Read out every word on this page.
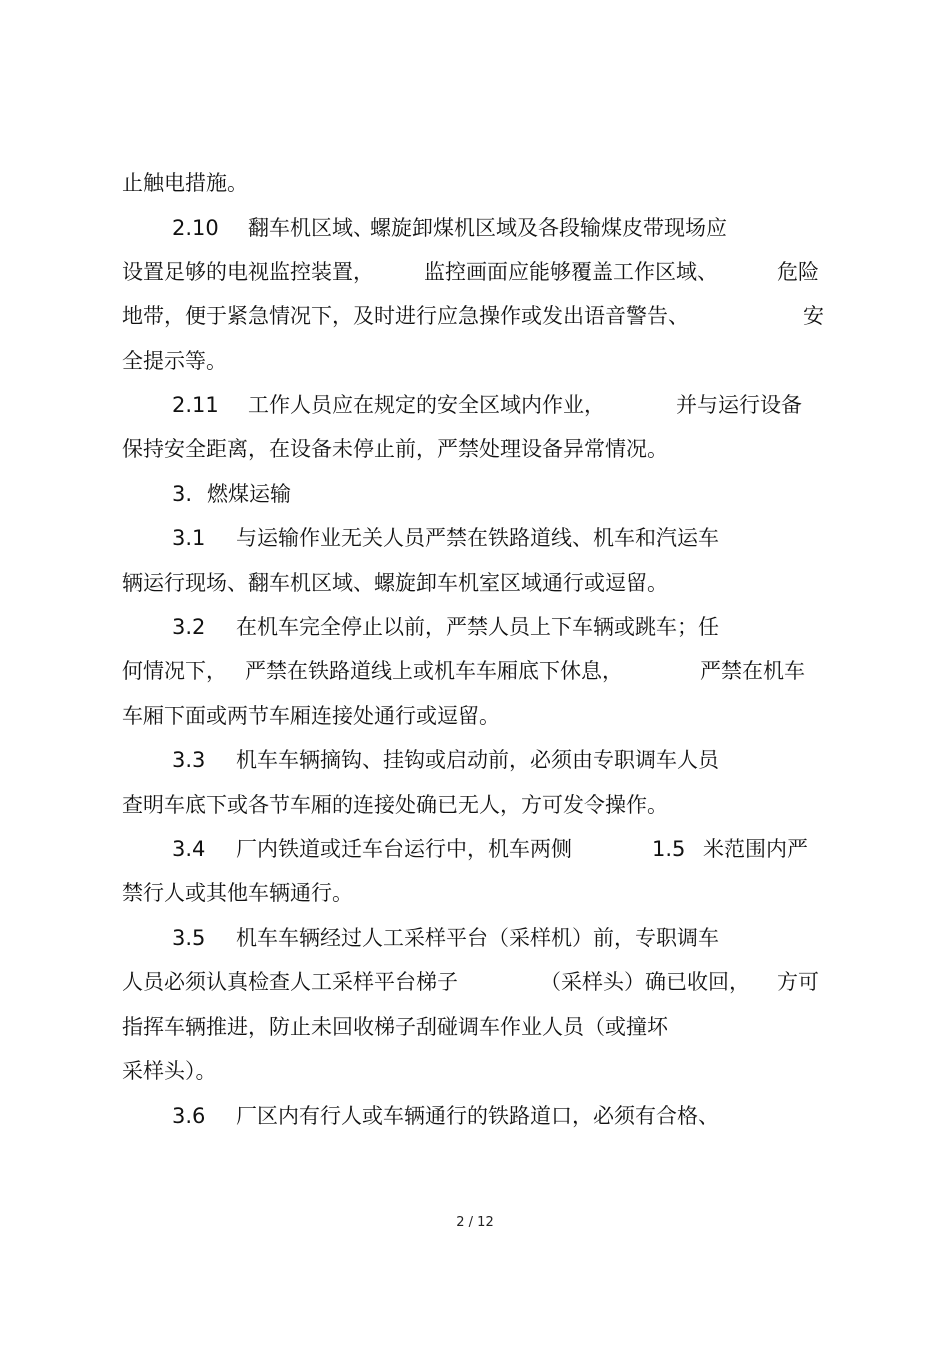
止触电措施。
2.10 翻车机区域、
螺旋卸煤机区域及各段输煤皮带现场应
设置足够的电视监控装置， 监控画面应能够覆盖工作区域、	危险
地带，便于紧急情况下，及时进行应急操作或发出语音警告、	安
全提示等。
2.11 工作人员应在规定的安全区域内作业，	并与运行设备
保持安全距离，在设备未停止前，严禁处理设备异常情况。
3. 燃煤运输
3.1 与运输作业无关人员严禁在铁路道线、机车和汽运车
辆运行现场、翻车机区域、螺旋卸车机室区域通行或逗留。
3.2 在机车完全停止以前，严禁人员上下车辆或跳车；任
何情况下， 严禁在铁路道线上或机车车厢底下休息，	严禁在机车
车厢下面或两节车厢连接处通行或逗留。
3.3 机车车辆摘钩、挂钩或启动前，必须由专职调车人员
查明车底下或各节车厢的连接处确已无人，方可发令操作。
3.4 厂内铁道或迁车台运行中，机车两侧	1.5 米范围内严
禁行人或其他车辆通行。
3.5 机车车辆经过人工采样平台（采样机）前，专职调车
人员必须认真检查人工采样平台梯子	（采样头）确已收回， 方可
指挥车辆推进，防止未回收梯子刮碰调车作业人员（或撞坏
采样头）。
3.6 厂区内有行人或车辆通行的铁路道口，必须有合格、
2 / 12
